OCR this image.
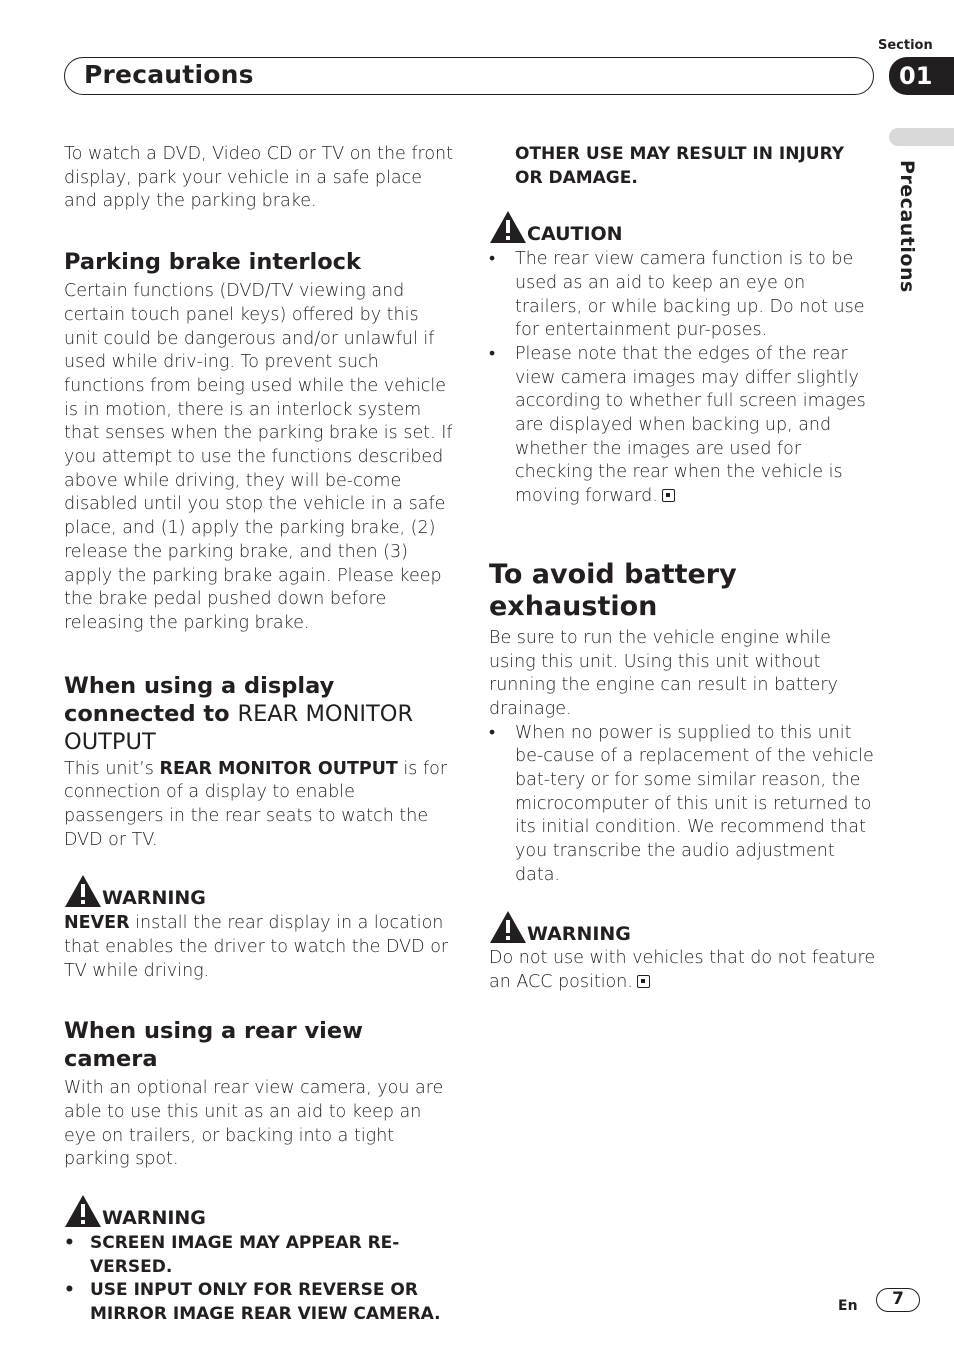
Precautions
Section
01
Precautions

To watch a DVD, Video CD or TV on the front display, park your vehicle in a safe place and apply the parking brake.

Parking brake interlock

Certain functions (DVD/TV viewing and certain touch panel keys) offered by this unit could be dangerous and/or unlawful if used while driv-ing. To prevent such functions from being used while the vehicle is in motion, there is an interlock system that senses when the parking brake is set. If you attempt to use the functions described above while driving, they will be-come disabled until you stop the vehicle in a safe place, and (1) apply the parking brake, (2) release the parking brake, and then (3) apply the parking brake again. Please keep the brake pedal pushed down before releasing the parking brake.

When using a display connected to REAR MONITOR OUTPUT

This unit’s REAR MONITOR OUTPUT is for connection of a display to enable passengers in the rear seats to watch the DVD or TV.

WARNING

NEVER install the rear display in a location that enables the driver to watch the DVD or TV while driving.

When using a rear view camera

With an optional rear view camera, you are able to use this unit as an aid to keep an eye on trailers, or backing into a tight parking spot.

WARNING

• SCREEN IMAGE MAY APPEAR RE-VERSED.

• USE INPUT ONLY FOR REVERSE OR MIRROR IMAGE REAR VIEW CAMERA.

OTHER USE MAY RESULT IN INJURY OR DAMAGE.

CAUTION

• The rear view camera function is to be used as an aid to keep an eye on trailers, or while backing up. Do not use for entertainment pur-poses.

• Please note that the edges of the rear view camera images may differ slightly according to whether full screen images are displayed when backing up, and whether the images are used for checking the rear when the vehicle is moving forward.

To avoid battery exhaustion

Be sure to run the vehicle engine while using this unit. Using this unit without running the engine can result in battery drainage.

• When no power is supplied to this unit be-cause of a replacement of the vehicle bat-tery or for some similar reason, the microcomputer of this unit is returned to its initial condition. We recommend that you transcribe the audio adjustment data.

WARNING

Do not use with vehicles that do not feature an ACC position.

En	7
